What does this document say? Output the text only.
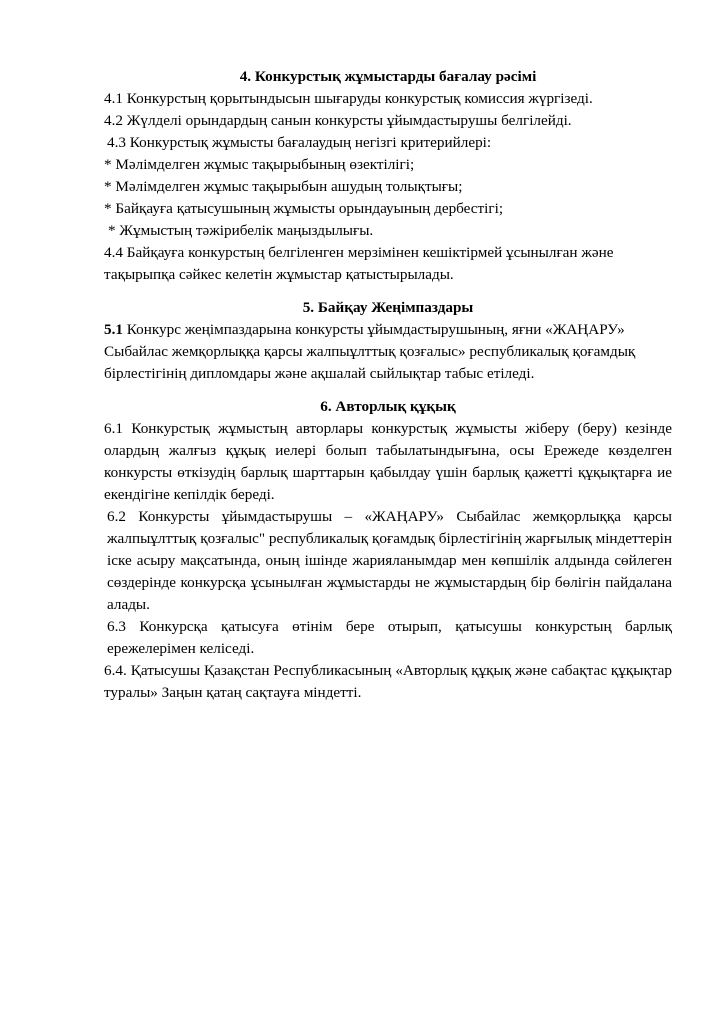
4. Конкурстық жұмыстарды бағалау рәсімі

4.1 Конкурстың қорытындысын шығаруды конкурстық комиссия жүргізеді.

4.2 Жүлделі орындардың санын конкурсты ұйымдастырушы белгілейді.

4.3 Конкурстық жұмысты бағалаудың негізгі критерийлері:

* Мәлімделген жұмыс тақырыбының өзектілігі;

* Мәлімделген жұмыс тақырыбын ашудың толықтығы;

* Байқауға қатысушының жұмысты орындауының дербестігі;

* Жұмыстың тәжірибелік маңыздылығы.

4.4 Байқауға конкурстың белгіленген мерзімінен кешіктірмей ұсынылған және тақырыпқа сәйкес келетін жұмыстар қатыстырылады.

5. Байқау Жеңімпаздары

5.1 Конкурс жеңімпаздарына конкурсты ұйымдастырушының, яғни «ЖАҢАРУ» Сыбайлас жемқорлыққа қарсы жалпыұлттық қозғалыс» республикалық қоғамдық бірлестігінің дипломдары және ақшалай сыйлықтар табыс етіледі.

6. Авторлық құқық

6.1 Конкурстық жұмыстың авторлары конкурстық жұмысты жіберу (беру) кезінде олардың жалғыз құқық иелері болып табылатындығына, осы Ережеде көзделген конкурсты өткізудің барлық шарттарын қабылдау үшін барлық қажетті құқықтарға ие екендігіне кепілдік береді.

6.2 Конкурсты ұйымдастырушы – «ЖАҢАРУ» Сыбайлас жемқорлыққа қарсы жалпыұлттық қозғалыс" республикалық қоғамдық бірлестігінің жарғылық міндеттерін іске асыру мақсатында, оның ішінде жарияланымдар мен көпшілік алдында сөйлеген сөздерінде конкурсқа ұсынылған жұмыстарды не жұмыстардың бір бөлігін пайдалана алады.

6.3 Конкурсқа қатысуға өтінім бере отырып, қатысушы конкурстың барлық ережелерімен келіседі.

6.4. Қатысушы Қазақстан Республикасының «Авторлық құқық және сабақтас құқықтар туралы» Заңын қатаң сақтауға міндетті.
